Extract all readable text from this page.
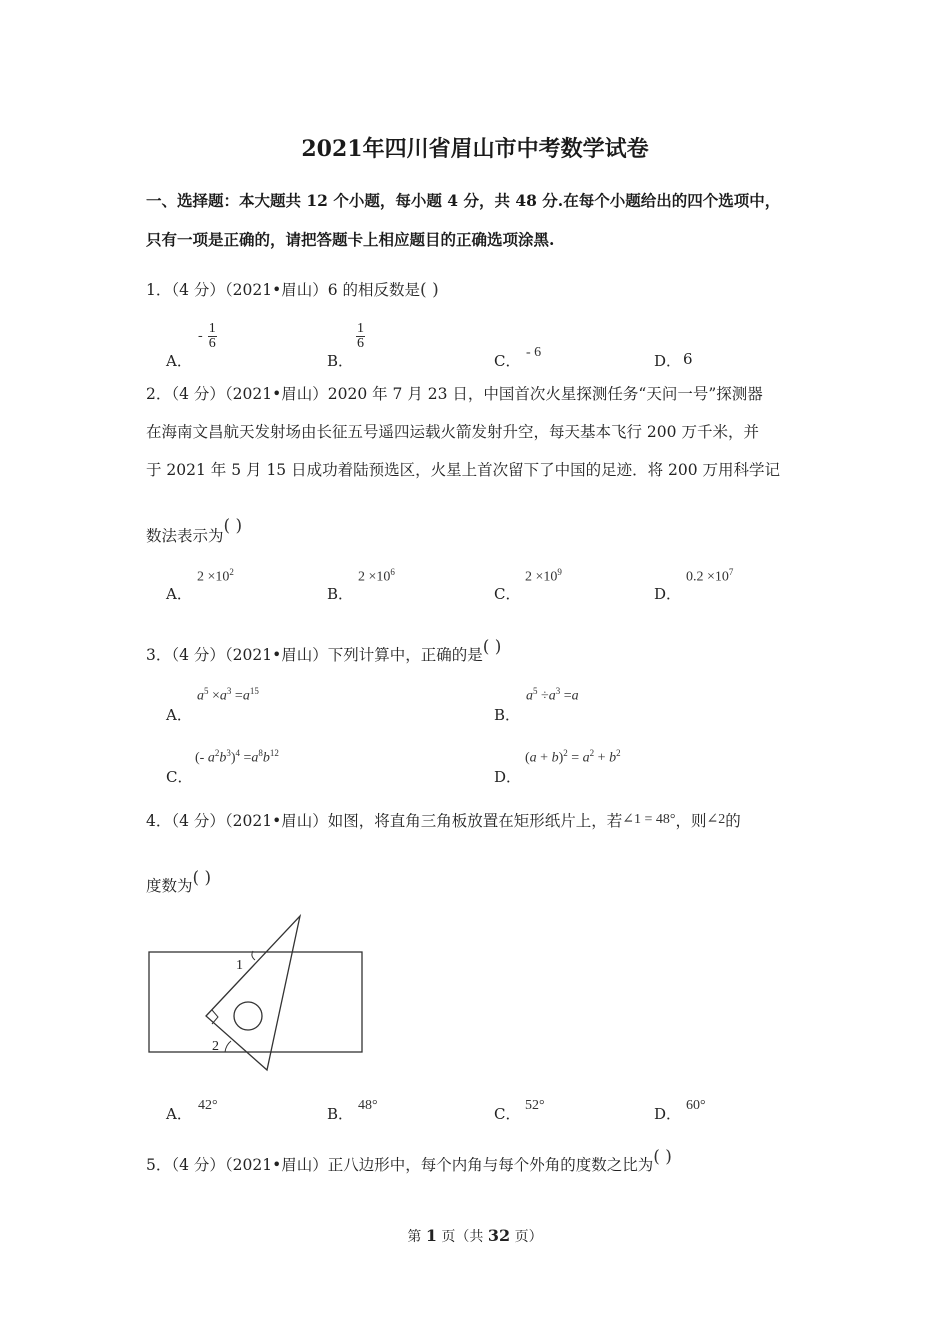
2021年四川省眉山市中考数学试卷
一、选择题：本大题共 12 个小题，每小题 4 分，共 48 分.在每个小题给出的四个选项中，
只有一项是正确的，请把答题卡上相应题目的正确选项涂黑.
1．（4 分）（2021•眉山）6 的相反数是( )
A．
- $\frac{1}{6}$
B．
$\frac{1}{6}$
C． - 6	D． 6
2．（4 分）（2021•眉山）2020 年 7 月 23 日，中国首次火星探测任务“天问一号”探测器
在海南文昌航天发射场由长征五号遥四运载火箭发射升空，每天基本飞行 200 万千米，并
于 2021 年 5 月 15 日成功着陆预选区，火星上首次留下了中国的足迹．将 200 万用科学记
数法表示为( )
A．
$2 \times 10^2$
B．
$2 \times 10^6$
C．
$2 \times 10^9$
D．
$0.2 \times 10^7$
3．（4 分）（2021•眉山）下列计算中，正确的是( )
A．
$a^5 \times a^3 =a^{15}$
B．
$a^5 \div a^3 =a$
C．
(- $a^2b^3)^4 =a^8b^{12}$
D．
$(a + b)^2 = a^2 + b^2$
4．（4 分）（2021•眉山）如图，将直角三角板放置在矩形纸片上，若∠1 = 48°，则∠2的
度数为( )
1
2
A． 42°	B． 48°	C． 52°	D． 60°
5．（4 分）（2021•眉山）正八边形中，每个内角与每个外角的度数之比为( )
第 1 页（共 32 页）
